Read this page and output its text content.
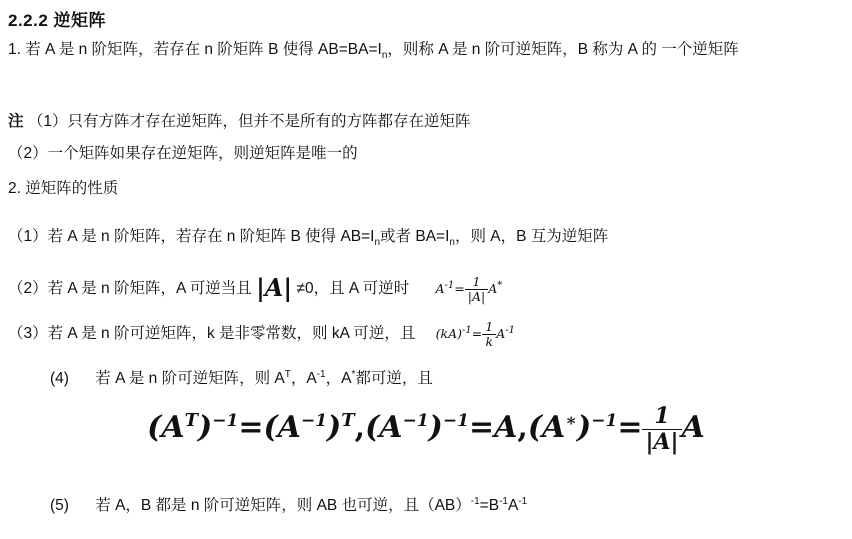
2.2.2 逆矩阵
1. 若 A 是 n 阶矩阵，若存在 n 阶矩阵 B 使得 $AB=BA=I_n$，则称 A 是 n 阶可逆矩阵，B 称为 A 的 一个逆矩阵
注 （1）只有方阵才存在逆矩阵，但并不是所有的方阵都存在逆矩阵
（2）一个矩阵如果存在逆矩阵，则逆矩阵是唯一的
2. 逆矩阵的性质
（1）若 A 是 n 阶矩阵，若存在 n 阶矩阵 B 使得 $AB=I_n$或者 $BA=I_n$，则 A，B 互为逆矩阵
（2）若 A 是 n 阶矩阵，A 可逆当且 |A| ≠0，且 A 可逆时 $A^{-1}= \frac{1}{|A|} A^*$
（3）若 A 是 n 阶可逆矩阵，k 是非零常数，则 kA 可逆，且 $(kA)^{-1}= \frac{1}{k} A^{-1}$
(4) 若 A 是 n 阶可逆矩阵，则 $A^T$，$A^{-1}$，A*都可逆，且
$(A^T)^{-1}=(A^{-1})^T,(A^{-1})^{-1}=A,(A^∗)^{-1}= \frac{1}{|A|}$ A
(5) 若 A，B 都是 n 阶可逆矩阵，则 AB 也可逆，且$(AB)^{-1}=B^{-1}A^{-1}$
